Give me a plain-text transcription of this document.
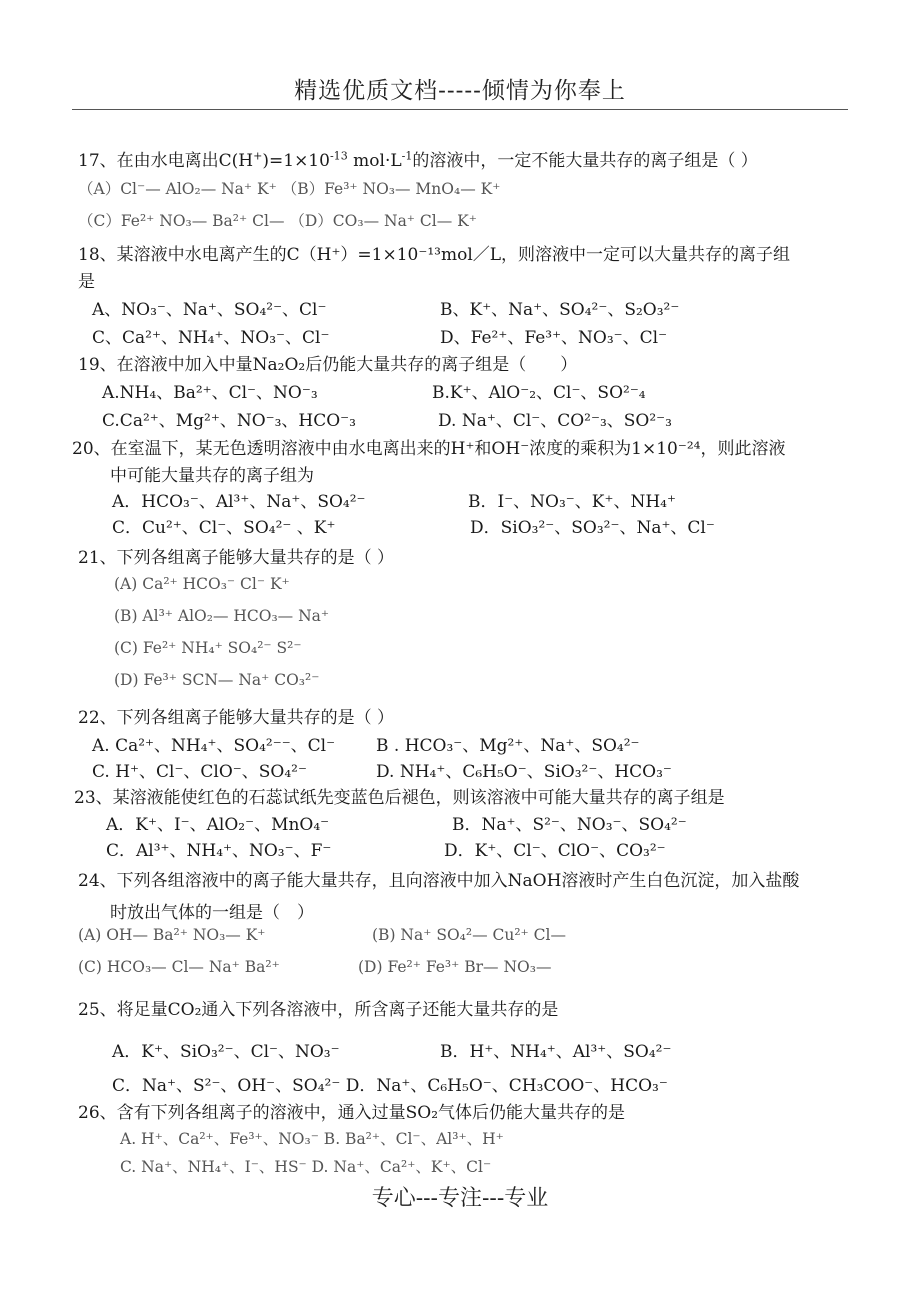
精选优质文档-----倾情为你奉上
17、在由水电离出$C(H^+)=1\times 10^{-13}$ $mol\cdot L^{-1}$的溶液中，一定不能大量共存的离子组是（ ）
（A）Cl⁻— AlO₂— Na⁺ K⁺ （B）Fe³⁺ NO₃— MnO₄— K⁺
（C）Fe²⁺ NO₃— Ba²⁺ Cl— （D）CO₃— Na⁺ Cl— K⁺
18、某溶液中水电离产生的C（H⁺）=1×10⁻¹³mol／L，则溶液中一定可以大量共存的离子组
是
A、NO₃⁻、Na⁺、SO₄²⁻、Cl⁻	B、K⁺、Na⁺、SO₄²⁻、S₂O₃²⁻
C、Ca²⁺、NH₄⁺、NO₃⁻、Cl⁻	D、Fe²⁺、Fe³⁺、NO₃⁻、Cl⁻
19、在溶液中加入中量Na₂O₂后仍能大量共存的离子组是（　　）
A.NH₄、Ba²⁺、Cl⁻、NO⁻₃	B.K⁺、AlO⁻₂、Cl⁻、SO²⁻₄
C.Ca²⁺、Mg²⁺、NO⁻₃、HCO⁻₃	D. Na⁺、Cl⁻、CO²⁻₃、SO²⁻₃
20、在室温下，某无色透明溶液中由水电离出来的H⁺和OH⁻浓度的乘积为1×10⁻²⁴，则此溶液
中可能大量共存的离子组为
A．HCO₃⁻、Al³⁺、Na⁺、SO₄²⁻	B．I⁻、NO₃⁻、K⁺、NH₄⁺
C．Cu²⁺、Cl⁻、SO₄²⁻ 、K⁺	D．SiO₃²⁻、SO₃²⁻、Na⁺、Cl⁻
21、下列各组离子能够大量共存的是（ ）
(A) Ca²⁺ HCO₃⁻ Cl⁻ K⁺
(B) Al³⁺ AlO₂— HCO₃— Na⁺
(C) Fe²⁺ NH₄⁺ SO₄²⁻ S²⁻
(D) Fe³⁺ SCN— Na⁺ CO₃²⁻
22、下列各组离子能够大量共存的是（ ）
A. Ca²⁺、NH₄⁺、SO₄²⁻⁻、Cl⁻ B . HCO₃⁻、Mg²⁺、Na⁺、SO₄²⁻
C. H⁺、Cl⁻、ClO⁻、SO₄²⁻	D. NH₄⁺、C₆H₅O⁻、SiO₃²⁻、HCO₃⁻
23、某溶液能使红色的石蕊试纸先变蓝色后褪色，则该溶液中可能大量共存的离子组是
A．K⁺、I⁻、AlO₂⁻、MnO₄⁻	B．Na⁺、S²⁻、NO₃⁻、SO₄²⁻
C．Al³⁺、NH₄⁺、NO₃⁻、F⁻	D．K⁺、Cl⁻、ClO⁻、CO₃²⁻
24、下列各组溶液中的离子能大量共存，且向溶液中加入NaOH溶液时产生白色沉淀，加入盐酸
时放出气体的一组是（　）
(A) OH— Ba²⁺ NO₃— K⁺	(B) Na⁺ SO₄²— Cu²⁺ Cl—
(C) HCO₃— Cl— Na⁺ Ba²⁺	(D) Fe²⁺ Fe³⁺ Br— NO₃—
25、将足量CO₂通入下列各溶液中，所含离子还能大量共存的是
A．K⁺、SiO₃²⁻、Cl⁻、NO₃⁻	B．H⁺、NH₄⁺、Al³⁺、SO₄²⁻
C．Na⁺、S²⁻、OH⁻、SO₄²⁻ D．Na⁺、C₆H₅O⁻、CH₃COO⁻、HCO₃⁻
26、含有下列各组离子的溶液中，通入过量SO₂气体后仍能大量共存的是
A. H⁺、Ca²⁺、Fe³⁺、NO₃⁻ B. Ba²⁺、Cl⁻、Al³⁺、H⁺
C. Na⁺、NH₄⁺、I⁻、HS⁻ D. Na⁺、Ca²⁺、K⁺、Cl⁻
专心---专注---专业
